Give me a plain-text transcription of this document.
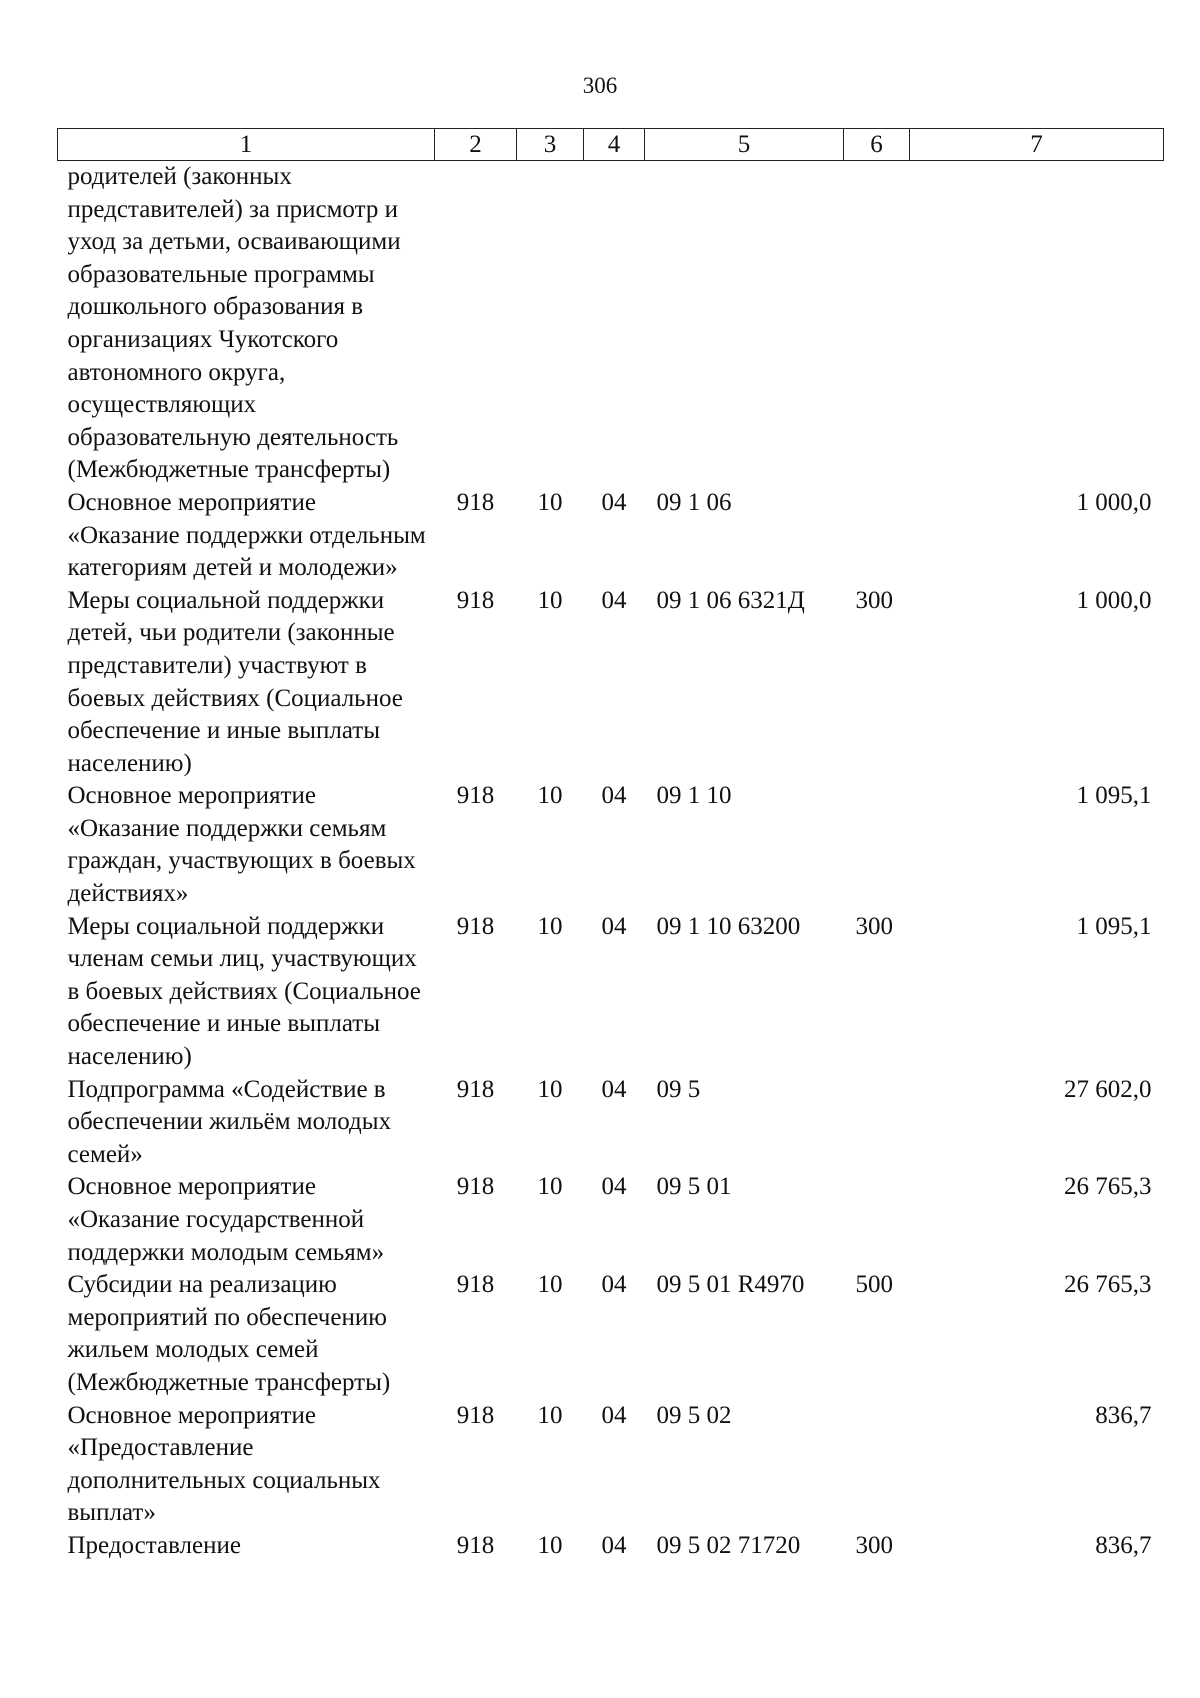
306
1	2	3	4	5	6	7
родителей (законных представителей) за присмотр и уход за детьми, осваивающими образовательные программы дошкольного образования в организациях Чукотского автономного округа, осуществляющих образовательную деятельность (Межбюджетные трансферты)						
Основное мероприятие «Оказание поддержки отдельным категориям детей и молодежи»	918	10	04	09 1 06		1 000,0
Меры социальной поддержки детей, чьи родители (законные представители) участвуют в боевых действиях (Социальное обеспечение и иные выплаты населению)	918	10	04	09 1 06 6321Д	300	1 000,0
Основное мероприятие «Оказание поддержки семьям граждан, участвующих в боевых действиях»	918	10	04	09 1 10		1 095,1
Меры социальной поддержки членам семьи лиц, участвующих в боевых действиях (Социальное обеспечение и иные выплаты населению)	918	10	04	09 1 10 63200	300	1 095,1
Подпрограмма «Содействие в обеспечении жильём молодых семей»	918	10	04	09 5		27 602,0
Основное мероприятие «Оказание государственной поддержки молодым семьям»	918	10	04	09 5 01		26 765,3
Субсидии на реализацию мероприятий по обеспечению жильем молодых семей (Межбюджетные трансферты)	918	10	04	09 5 01 R4970	500	26 765,3
Основное мероприятие «Предоставление дополнительных социальных выплат»	918	10	04	09 5 02		836,7
Предоставление	918	10	04	09 5 02 71720	300	836,7
